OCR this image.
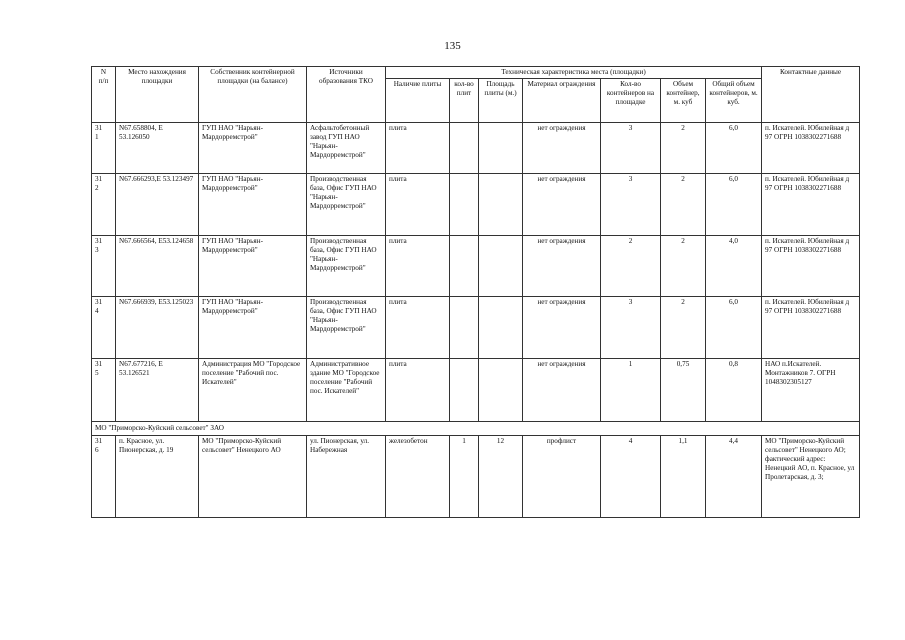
135
N
п/п	Место нахождения площадки	Собственник контейнерной площадки (на балансе)	Источники образования ТКО	Техническая характеристика места (площадки)							Контактные данные
				Наличие плиты	кол-во плит	Площадь плиты (м.)	Материал ограждения	Кол-во контейнеров на площадке	Объем контейнер, м. куб	Общий объем контейнеров, м. куб.	
31
1	N67.658804, E 53.126050	ГУП НАО "Нарьян-Мардорремстрой"	Асфальтобетонный завод ГУП НАО "Нарьян-Мардорремстрой"	плита			нет ограждения	3	2	6,0	п. Искателей. Юбилейная д 97 ОГРН 1038302271688
31
2	N67.666293,E 53.123497	ГУП НАО "Нарьян-Мардорремстрой"	Производственная база, Офис ГУП НАО "Нарьян-Мардорремстрой"	плита			нет ограждения	3	2	6,0	п. Искателей. Юбилейная д 97 ОГРН 1038302271688
31
3	N67.666564, E53.124658	ГУП НАО "Нарьян-Мардорремстрой"	Производственная база, Офис ГУП НАО "Нарьян-Мардорремстрой"	плита			нет ограждения	2	2	4,0	п. Искателей. Юбилейная д 97 ОГРН 1038302271688
31
4	N67.666939, E53.125023	ГУП НАО "Нарьян-Мардорремстрой"	Производственная база, Офис ГУП НАО "Нарьян-Мардорремстрой"	плита			нет ограждения	3	2	6,0	п. Искателей. Юбилейная д 97 ОГРН 1038302271688
31
5	N67.677216, E 53.126521	Администрация МО "Городское поселение "Рабочий пос. Искателей"	Административное здание МО "Городское поселение "Рабочий пос. Искателей"	плита			нет ограждения	1	0,75	0,8	НАО п.Искателей. Монтажников 7. ОГРН 1048302305127
МО "Приморско-Куйский сельсовет" ЗАО											
31
6	п. Красное, ул. Пионерская, д. 19	МО "Приморско-Куйский сельсовет" Ненецкого АО	ул. Пионерская, ул. Набережная	железобетон	1	12	профлист	4	1,1	4,4	МО "Приморско-Куйский сельсовет" Ненецкого АО; фактический адрес: Ненецкий АО, п. Красное, ул Пролетарская, д. 3;
